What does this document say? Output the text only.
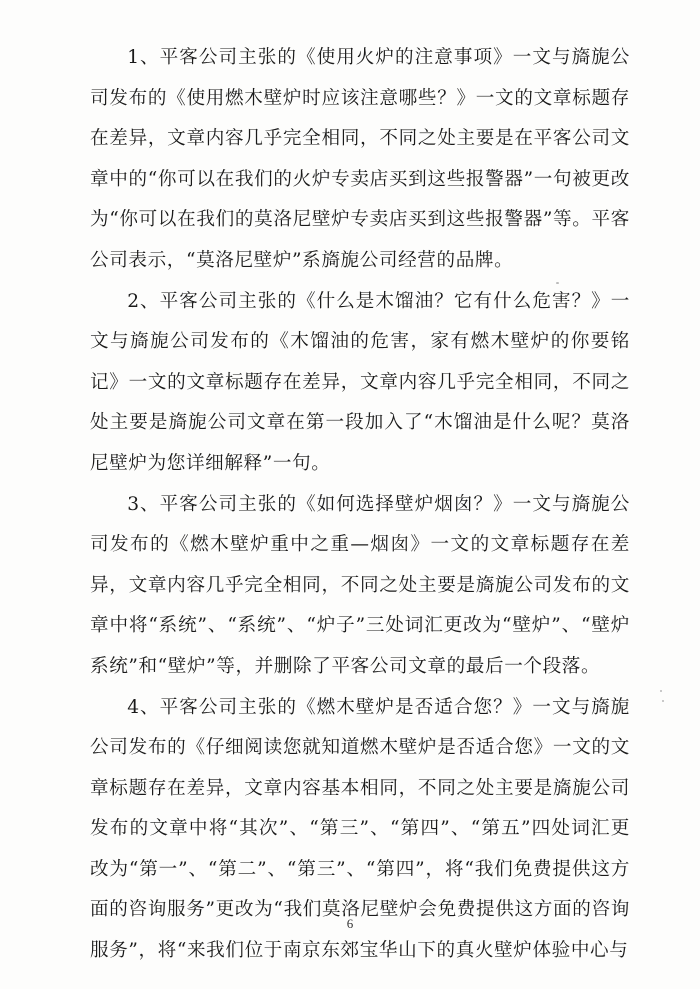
1、平客公司主张的《使用火炉的注意事项》一文与旖旎公司发布的《使用燃木壁炉时应该注意哪些？》一文的文章标题存在差异，文章内容几乎完全相同，不同之处主要是在平客公司文章中的“你可以在我们的火炉专卖店买到这些报警器”一句被更改为“你可以在我们的莫洛尼壁炉专卖店买到这些报警器”等。平客公司表示，“莫洛尼壁炉”系旖旎公司经营的品牌。

2、平客公司主张的《什么是木馏油？它有什么危害？》一文与旖旎公司发布的《木馏油的危害，家有燃木壁炉的你要铭记》一文的文章标题存在差异，文章内容几乎完全相同，不同之处主要是旖旎公司文章在第一段加入了“木馏油是什么呢？莫洛尼壁炉为您详细解释”一句。

3、平客公司主张的《如何选择壁炉烟囱？》一文与旖旎公司发布的《燃木壁炉重中之重—烟囱》一文的文章标题存在差异，文章内容几乎完全相同，不同之处主要是旖旎公司发布的文章中将“系统”、“系统”、“炉子”三处词汇更改为“壁炉”、“壁炉系统”和“壁炉”等，并删除了平客公司文章的最后一个段落。

4、平客公司主张的《燃木壁炉是否适合您？》一文与旖旎公司发布的《仔细阅读您就知道燃木壁炉是否适合您》一文的文章标题存在差异，文章内容基本相同，不同之处主要是旖旎公司发布的文章中将“其次”、“第三”、“第四”、“第五”四处词汇更改为“第一”、“第二”、“第三”、“第四”，将“我们免费提供这方面的咨询服务”更改为“我们莫洛尼壁炉会免费提供这方面的咨询服务”，将“来我们位于南京东郊宝华山下的真火壁炉体验中心与

6
